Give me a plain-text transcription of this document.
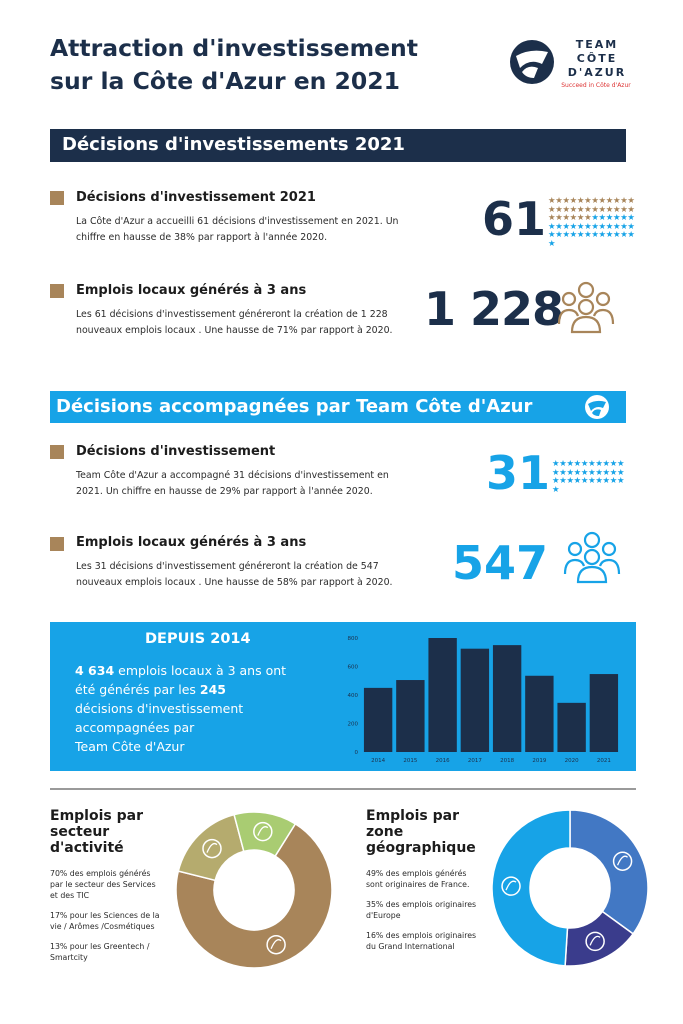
Attraction d'investissement
sur la Côte d'Azur en 2021
TEAM
CÔTE
D'AZUR
Succeed in Côte d'Azur
Décisions d'investissements 2021
Décisions d'investissement 2021
La Côte d'Azur a accueilli 61 décisions d'investissement en 2021. Un
chiffre en hausse de 38% par rapport à l'année 2020.	61 ★★★★★★★★★★★★
★★★★★★★★★★★★
★★★★★★★★★★★★
★★★★★★★★★★★★
★★★★★★★★★★★★
★
Emplois locaux générés à 3 ans
Les 61 décisions d'investissement généreront la création de 1 228
nouveaux emplois locaux . Une hausse de 71% par rapport à 2020. 1 228
Décisions accompagnées par Team Côte d'Azur
Décisions d'investissement
Team Côte d'Azur a accompagné 31 décisions d'investissement en
2021. Un chiffre en hausse de 29% par rapport à l'année 2020.	31 ★★★★★★★★★★
★★★★★★★★★★
★★★★★★★★★★
★
Emplois locaux générés à 3 ans
Les 31 décisions d'investissement généreront la création de 547
nouveaux emplois locaux . Une hausse de 58% par rapport à 2020.	547
DEPUIS 2014
4 634 emplois locaux à 3 ans ont
été générés par les 245
décisions d'investissement
accompagnées par
Team Côte d'Azur	0
200
400
600
800
2014	2015	2016	2017	2018	2019	2020	2021
Emplois par
secteur
d'activité
70% des emplois générés
par le secteur des Services
et des TIC
17% pour les Sciences de la
vie / Arômes /Cosmétiques
13% pour les Greentech /
Smartcity
Emplois par
zone
géographique
49% des emplois générés
sont originaires de France.
35% des emplois originaires
d'Europe
16% des emplois originaires
du Grand International
